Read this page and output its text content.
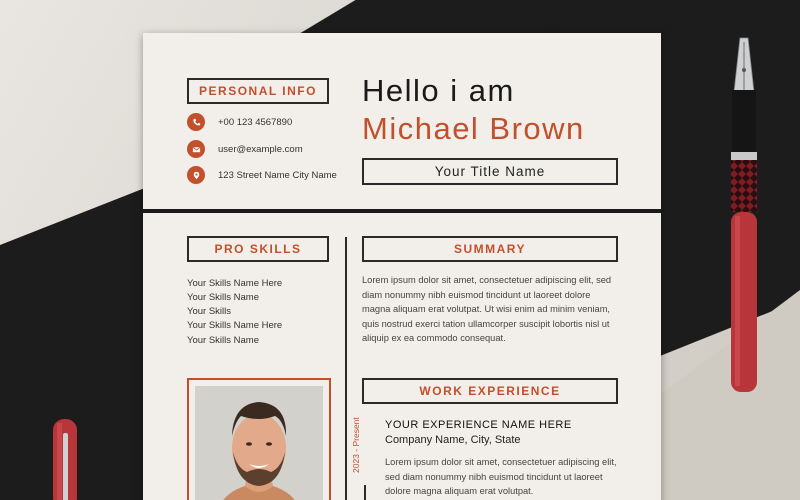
PERSONAL INFO
+00 123 4567890
user@example.com
123 Street Name City Name
Hello i am
Michael Brown
Your Title Name
PRO SKILLS
Your Skills Name Here
Your Skills Name
Your Skills
Your Skills Name Here
Your Skills Name
SUMMARY
Lorem ipsum dolor sit amet, consectetuer adipiscing elit, sed diam nonummy nibh euismod tincidunt ut laoreet dolore magna aliquam erat volutpat. Ut wisi enim ad minim veniam, quis nostrud exerci tation ullamcorper suscipit lobortis nisl ut aliquip ex ea commodo consequat.
WORK EXPERIENCE
2023 - Present YOUR EXPERIENCE NAME HERE
Company Name, City, State
Lorem ipsum dolor sit amet, consectetuer adipiscing elit, sed diam nonummy nibh euismod tincidunt ut laoreet dolore magna aliquam erat volutpat.
